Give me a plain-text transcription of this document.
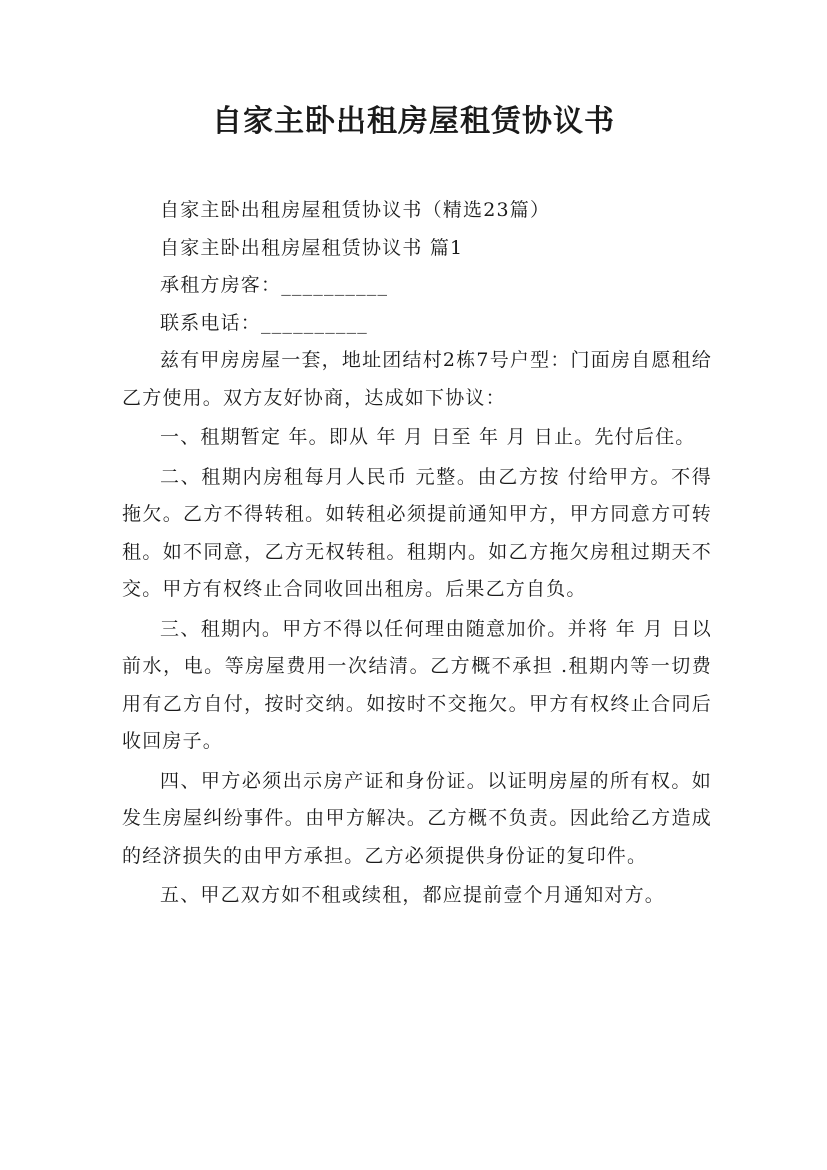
自家主卧出租房屋租赁协议书

自家主卧出租房屋租赁协议书（精选23篇）

自家主卧出租房屋租赁协议书 篇1

承租方房客：__________

联系电话：__________

兹有甲房房屋一套，地址团结村2栋7号户型：门面房自愿租给乙方使用。双方友好协商，达成如下协议：

一、租期暂定 年。即从 年 月 日至 年 月 日止。先付后住。

二、租期内房租每月人民币 元整。由乙方按 付给甲方。不得拖欠。乙方不得转租。如转租必须提前通知甲方，甲方同意方可转租。如不同意，乙方无权转租。租期内。如乙方拖欠房租过期天不交。甲方有权终止合同收回出租房。后果乙方自负。

三、租期内。甲方不得以任何理由随意加价。并将 年 月 日以前水，电。等房屋费用一次结清。乙方概不承担 .租期内等一切费用有乙方自付，按时交纳。如按时不交拖欠。甲方有权终止合同后收回房子。

四、甲方必须出示房产证和身份证。以证明房屋的所有权。如发生房屋纠纷事件。由甲方解决。乙方概不负责。因此给乙方造成的经济损失的由甲方承担。乙方必须提供身份证的复印件。

五、甲乙双方如不租或续租，都应提前壹个月通知对方。
